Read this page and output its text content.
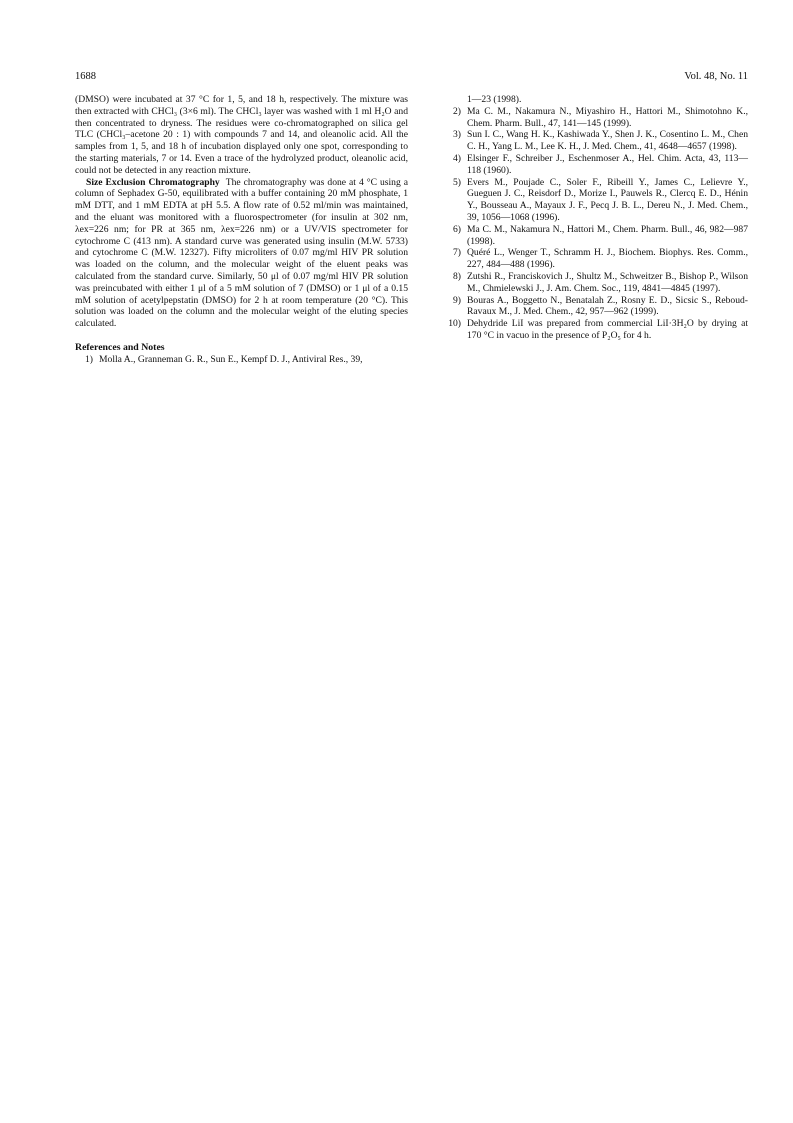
1688	Vol. 48, No. 11

(DMSO) were incubated at 37 °C for 1, 5, and 18 h, respectively. The mixture was then extracted with CHCl₃ (3×6 ml). The CHCl₃ layer was washed with 1 ml H₂O and then concentrated to dryness. The residues were co-chromatographed on silica gel TLC (CHCl₃–acetone 20 : 1) with compounds 7 and 14, and oleanolic acid. All the samples from 1, 5, and 18 h of incubation displayed only one spot, corresponding to the starting materials, 7 or 14. Even a trace of the hydrolyzed product, oleanolic acid, could not be detected in any reaction mixture.

Size Exclusion Chromatography The chromatography was done at 4 °C using a column of Sephadex G-50, equilibrated with a buffer containing 20 mM phosphate, 1 mM DTT, and 1 mM EDTA at pH 5.5. A flow rate of 0.52 ml/min was maintained, and the eluant was monitored with a fluorospectrometer (for insulin at 302 nm, λex=226 nm; for PR at 365 nm, λex=226 nm) or a UV/VIS spectrometer for cytochrome C (413 nm). A standard curve was generated using insulin (M.W. 5733) and cytochrome C (M.W. 12327). Fifty microliters of 0.07 mg/ml HIV PR solution was loaded on the column, and the molecular weight of the eluent peaks was calculated from the standard curve. Similarly, 50 μl of 0.07 mg/ml HIV PR solution was preincubated with either 1 μl of a 5 mM solution of 7 (DMSO) or 1 μl of a 0.15 mM solution of acetylpepstatin (DMSO) for 2 h at room temperature (20 °C). This solution was loaded on the column and the molecular weight of the eluting species calculated.

References and Notes
1) Molla A., Granneman G. R., Sun E., Kempf D. J., Antiviral Res., 39,
1—23 (1998).
2) Ma C. M., Nakamura N., Miyashiro H., Hattori M., Shimotohno K., Chem. Pharm. Bull., 47, 141—145 (1999).
3) Sun I. C., Wang H. K., Kashiwada Y., Shen J. K., Cosentino L. M., Chen C. H., Yang L. M., Lee K. H., J. Med. Chem., 41, 4648—4657 (1998).
4) Elsinger F., Schreiber J., Eschenmoser A., Hel. Chim. Acta, 43, 113—118 (1960).
5) Evers M., Poujade C., Soler F., Ribeill Y., James C., Lelievre Y., Gueguen J. C., Reisdorf D., Morize I., Pauwels R., Clercq E. D., Hénin Y., Bousseau A., Mayaux J. F., Pecq J. B. L., Dereu N., J. Med. Chem., 39, 1056—1068 (1996).
6) Ma C. M., Nakamura N., Hattori M., Chem. Pharm. Bull., 46, 982—987 (1998).
7) Quéré L., Wenger T., Schramm H. J., Biochem. Biophys. Res. Comm., 227, 484—488 (1996).
8) Zutshi R., Franciskovich J., Shultz M., Schweitzer B., Bishop P., Wilson M., Chmielewski J., J. Am. Chem. Soc., 119, 4841—4845 (1997).
9) Bouras A., Boggetto N., Benatalah Z., Rosny E. D., Sicsic S., Reboud-Ravaux M., J. Med. Chem., 42, 957—962 (1999).
10) Dehydride LiI was prepared from commercial LiI·3H₂O by drying at 170 °C in vacuo in the presence of P₂O₅ for 4 h.
